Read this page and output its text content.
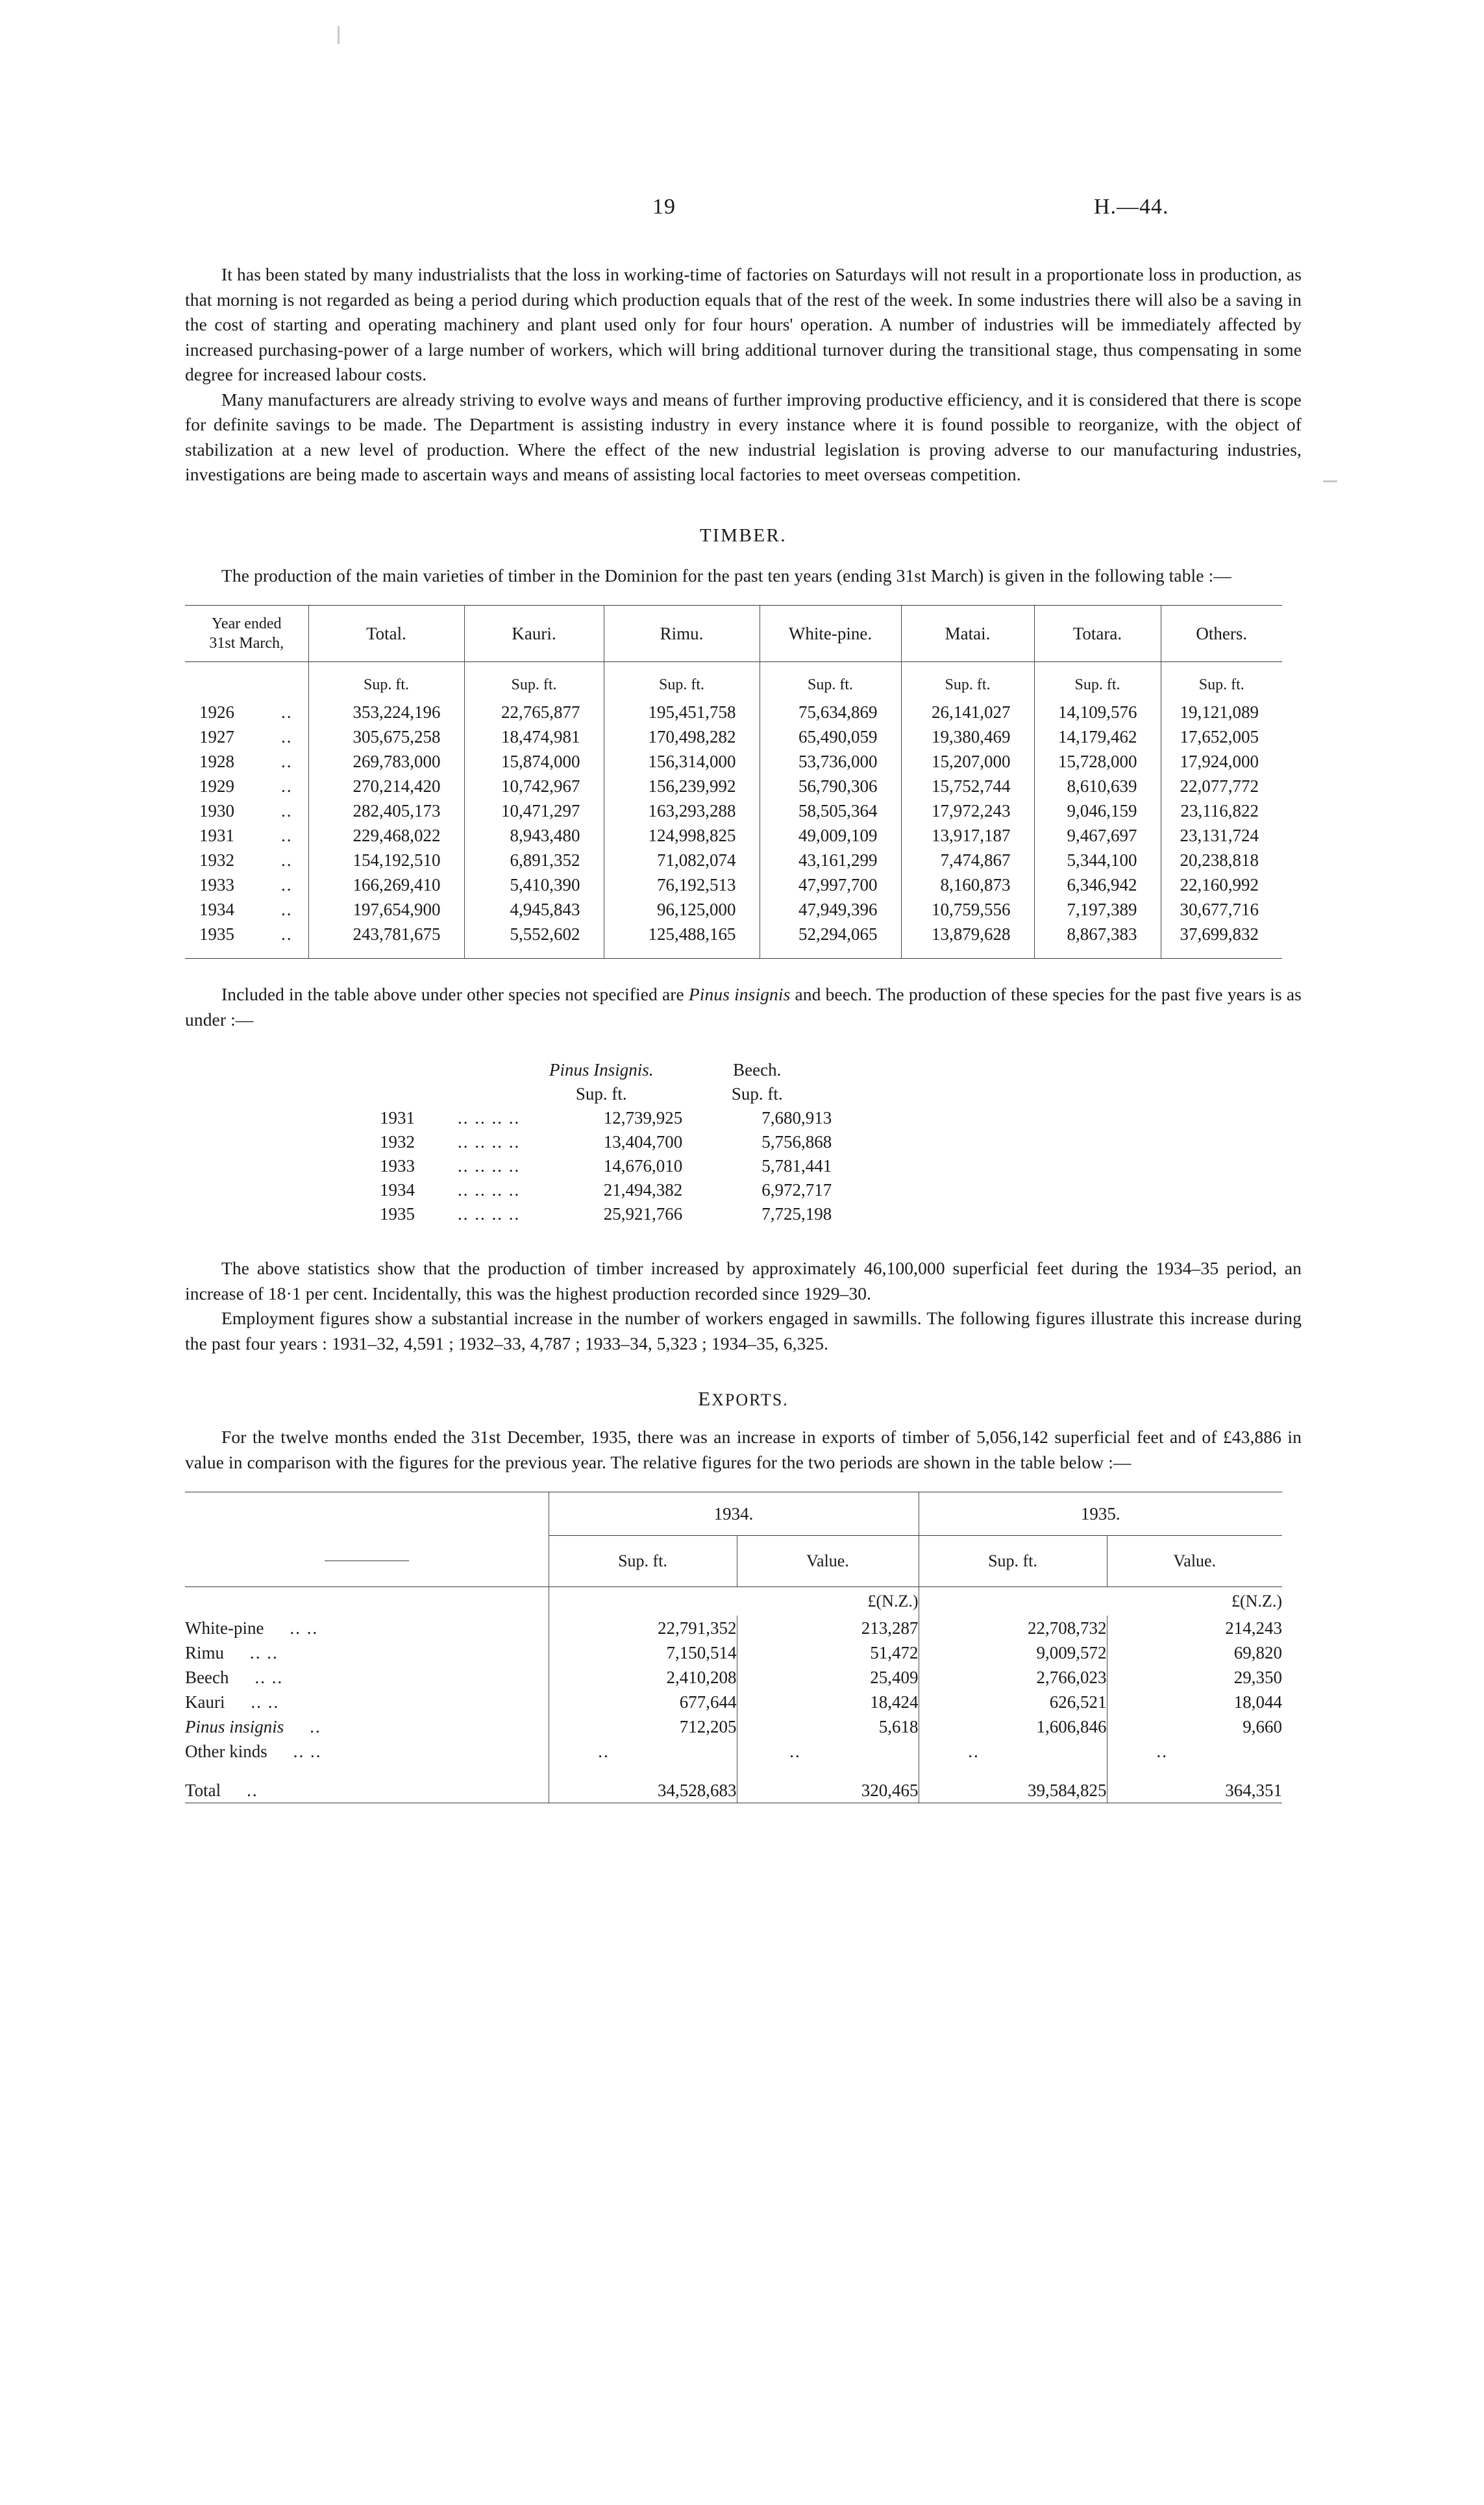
19	H.—44.

It has been stated by many industrialists that the loss in working-time of factories on Saturdays will not result in a proportionate loss in production, as that morning is not regarded as being a period during which production equals that of the rest of the week. In some industries there will also be a saving in the cost of starting and operating machinery and plant used only for four hours' operation. A number of industries will be immediately affected by increased purchasing-power of a large number of workers, which will bring additional turnover during the transitional stage, thus compensating in some degree for increased labour costs.

Many manufacturers are already striving to evolve ways and means of further improving productive efficiency, and it is considered that there is scope for definite savings to be made. The Department is assisting industry in every instance where it is found possible to reorganize, with the object of stabilization at a new level of production. Where the effect of the new industrial legislation is proving adverse to our manufacturing industries, investigations are being made to ascertain ways and means of assisting local factories to meet overseas competition.

TIMBER.

The production of the main varieties of timber in the Dominion for the past ten years (ending 31st March) is given in the following table :—

Year ended
31st March,	Total.	Kauri.	Rimu.	White-pine.	Matai.	Totara.	Others.
	Sup. ft.	Sup. ft.	Sup. ft.	Sup. ft.	Sup. ft.	Sup. ft.	Sup. ft.
1926 ..	353,224,196	22,765,877	195,451,758	75,634,869	26,141,027	14,109,576	19,121,089
1927 ..	305,675,258	18,474,981	170,498,282	65,490,059	19,380,469	14,179,462	17,652,005
1928 ..	269,783,000	15,874,000	156,314,000	53,736,000	15,207,000	15,728,000	17,924,000
1929 ..	270,214,420	10,742,967	156,239,992	56,790,306	15,752,744	8,610,639	22,077,772
1930 ..	282,405,173	10,471,297	163,293,288	58,505,364	17,972,243	9,046,159	23,116,822
1931 ..	229,468,022	8,943,480	124,998,825	49,009,109	13,917,187	9,467,697	23,131,724
1932 ..	154,192,510	6,891,352	71,082,074	43,161,299	7,474,867	5,344,100	20,238,818
1933 ..	166,269,410	5,410,390	76,192,513	47,997,700	8,160,873	6,346,942	22,160,992
1934 ..	197,654,900	4,945,843	96,125,000	47,949,396	10,759,556	7,197,389	30,677,716
1935 ..	243,781,675	5,552,602	125,488,165	52,294,065	13,879,628	8,867,383	37,699,832

Included in the table above under other species not specified are Pinus insignis and beech. The production of these species for the past five years is as under :—

		Pinus Insignis.	Beech.
		Sup. ft.	Sup. ft.
1931	.. .. .. ..	12,739,925	7,680,913
1932	.. .. .. ..	13,404,700	5,756,868
1933	.. .. .. ..	14,676,010	5,781,441
1934	.. .. .. ..	21,494,382	6,972,717
1935	.. .. .. ..	25,921,766	7,725,198

The above statistics show that the production of timber increased by approximately 46,100,000 superficial feet during the 1934–35 period, an increase of 18·1 per cent. Incidentally, this was the highest production recorded since 1929–30.

Employment figures show a substantial increase in the number of workers engaged in sawmills. The following figures illustrate this increase during the past four years : 1931–32, 4,591 ; 1932–33, 4,787 ; 1933–34, 5,323 ; 1934–35, 6,325.

EXPORTS.

For the twelve months ended the 31st December, 1935, there was an increase in exports of timber of 5,056,142 superficial feet and of £43,886 in value in comparison with the figures for the previous year. The relative figures for the two periods are shown in the table below :—

	1934.		1935.	

	Sup. ft.	Value.	Sup. ft.	Value.
		£(N.Z.)		£(N.Z.)
White-pine .. ..	22,791,352	213,287	22,708,732	214,243
Rimu .. ..	7,150,514	51,472	9,009,572	69,820
Beech .. ..	2,410,208	25,409	2,766,023	29,350
Kauri .. ..	677,644	18,424	626,521	18,044
Pinus insignis ..	712,205	5,618	1,606,846	9,660
Other kinds .. ..	..	..	..	..

Total ..	34,528,683	320,465	39,584,825	364,351
